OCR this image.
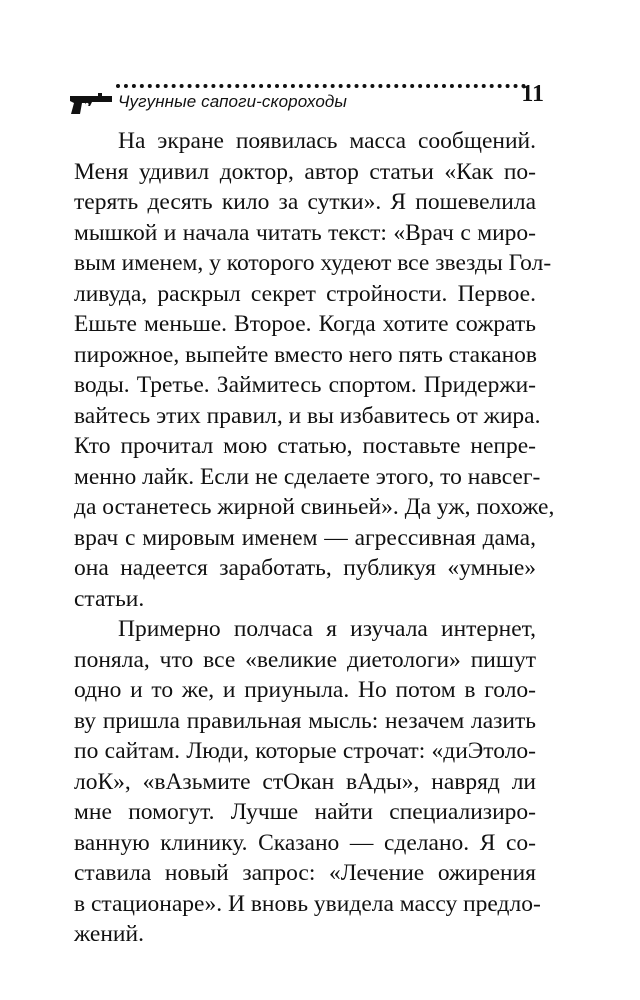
Чугунные сапоги-скороходы	11
На экране появилась масса сообщений.
Меня удивил доктор, автор статьи «Как по-
терять десять кило за сутки». Я пошевелила
мышкой и начала читать текст: «Врач с миро-
вым именем, у которого худеют все звезды Гол-
ливуда, раскрыл секрет стройности. Первое.
Ешьте меньше. Второе. Когда хотите сожрать
пирожное, выпейте вместо него пять стаканов
воды. Третье. Займитесь спортом. Придержи-
вайтесь этих правил, и вы избавитесь от жира.
Кто прочитал мою статью, поставьте непре-
менно лайк. Если не сделаете этого, то навсег-
да останетесь жирной свиньей». Да уж, похоже,
врач с мировым именем — агрессивная дама,
она надеется заработать, публикуя «умные»
статьи.
Примерно полчаса я изучала интернет,
поняла, что все «великие диетологи» пишут
одно и то же, и приуныла. Но потом в голо-
ву пришла правильная мысль: незачем лазить
по сайтам. Люди, которые строчат: «диЭтоло-
лоК», «вАзьмите стОкан вАды», навряд ли
мне помогут. Лучше найти специализиро-
ванную клинику. Сказано — сделано. Я со-
ставила новый запрос: «Лечение ожирения
в стационаре». И вновь увидела массу предло-
жений.
